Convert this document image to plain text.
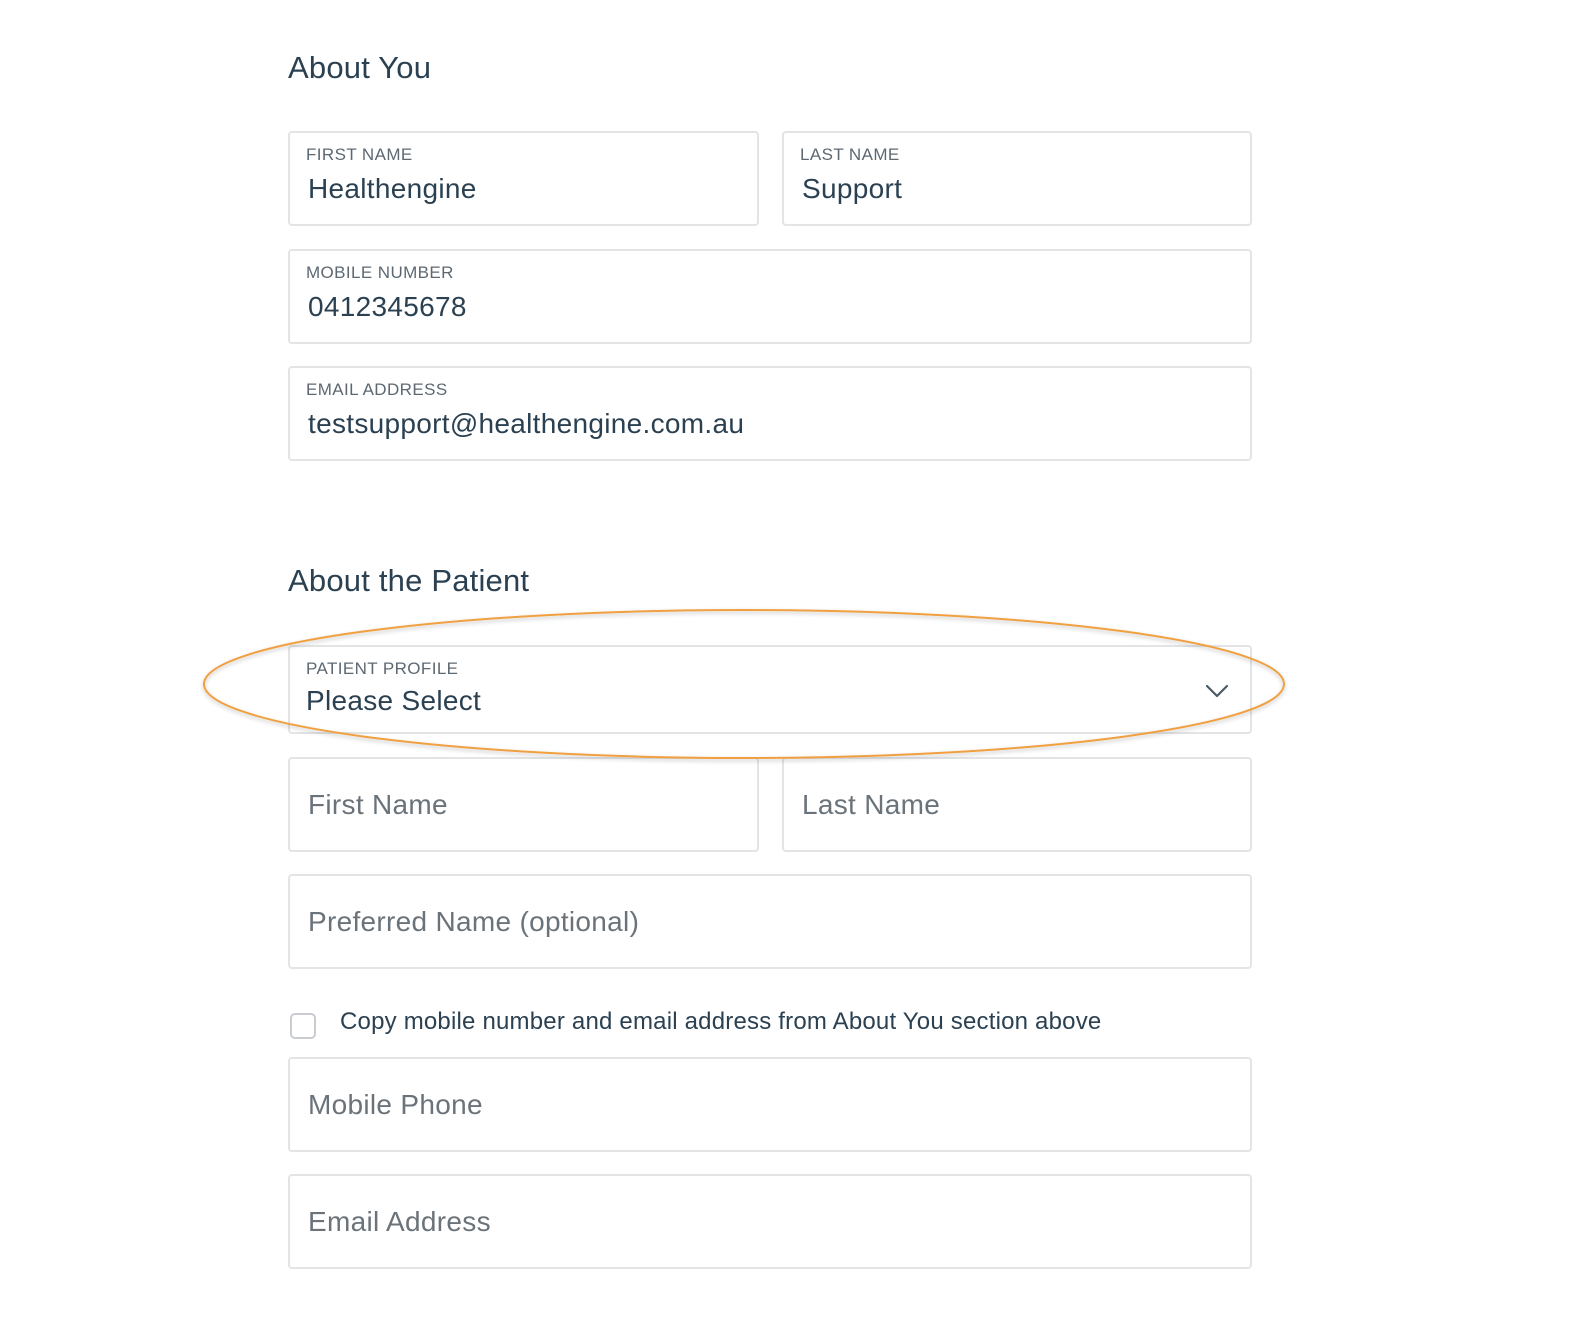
About You
FIRST NAME
Healthengine
LAST NAME
Support
MOBILE NUMBER
0412345678
EMAIL ADDRESS
testsupport@healthengine.com.au
About the Patient
PATIENT PROFILE
Please Select
First Name
Last Name
Preferred Name (optional)
Copy mobile number and email address from About You section above
Mobile Phone
Email Address
